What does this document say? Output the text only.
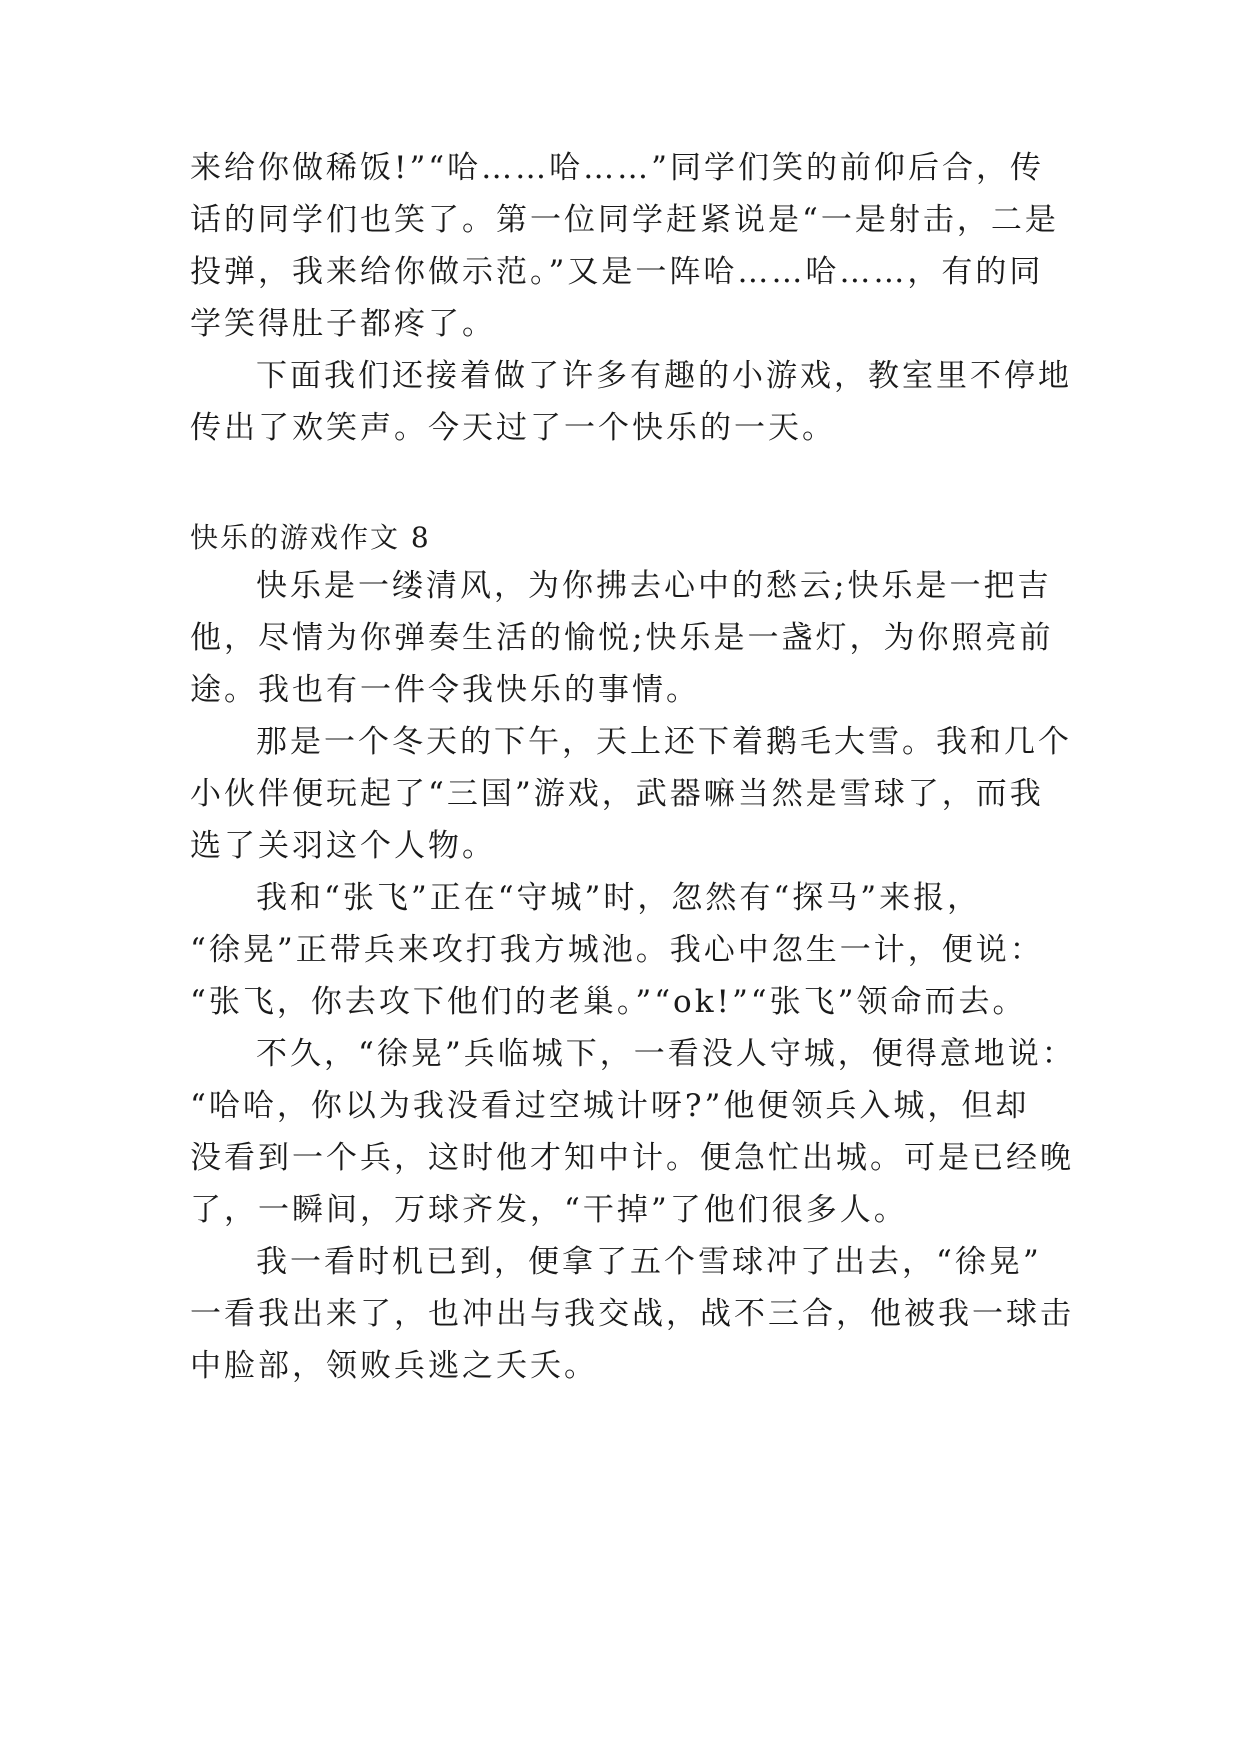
来给你做稀饭!”“哈……哈……”同学们笑的前仰后合，传
话的同学们也笑了。第一位同学赶紧说是“一是射击，二是
投弹，我来给你做示范。”又是一阵哈……哈……，有的同
学笑得肚子都疼了。
下面我们还接着做了许多有趣的小游戏，教室里不停地
传出了欢笑声。今天过了一个快乐的一天。
快乐的游戏作文 8
快乐是一缕清风，为你拂去心中的愁云;快乐是一把吉
他，尽情为你弹奏生活的愉悦;快乐是一盏灯，为你照亮前
途。我也有一件令我快乐的事情。
那是一个冬天的下午，天上还下着鹅毛大雪。我和几个
小伙伴便玩起了“三国”游戏，武器嘛当然是雪球了，而我
选了关羽这个人物。
我和“张飞”正在“守城”时，忽然有“探马”来报，
“徐晃”正带兵来攻打我方城池。我心中忽生一计，便说：
“张飞，你去攻下他们的老巢。”“ok!”“张飞”领命而去。
不久，“徐晃”兵临城下，一看没人守城，便得意地说：
“哈哈，你以为我没看过空城计呀?”他便领兵入城，但却
没看到一个兵，这时他才知中计。便急忙出城。可是已经晚
了，一瞬间，万球齐发，“干掉”了他们很多人。
我一看时机已到，便拿了五个雪球冲了出去，“徐晃”
一看我出来了，也冲出与我交战，战不三合，他被我一球击
中脸部，领败兵逃之夭夭。
